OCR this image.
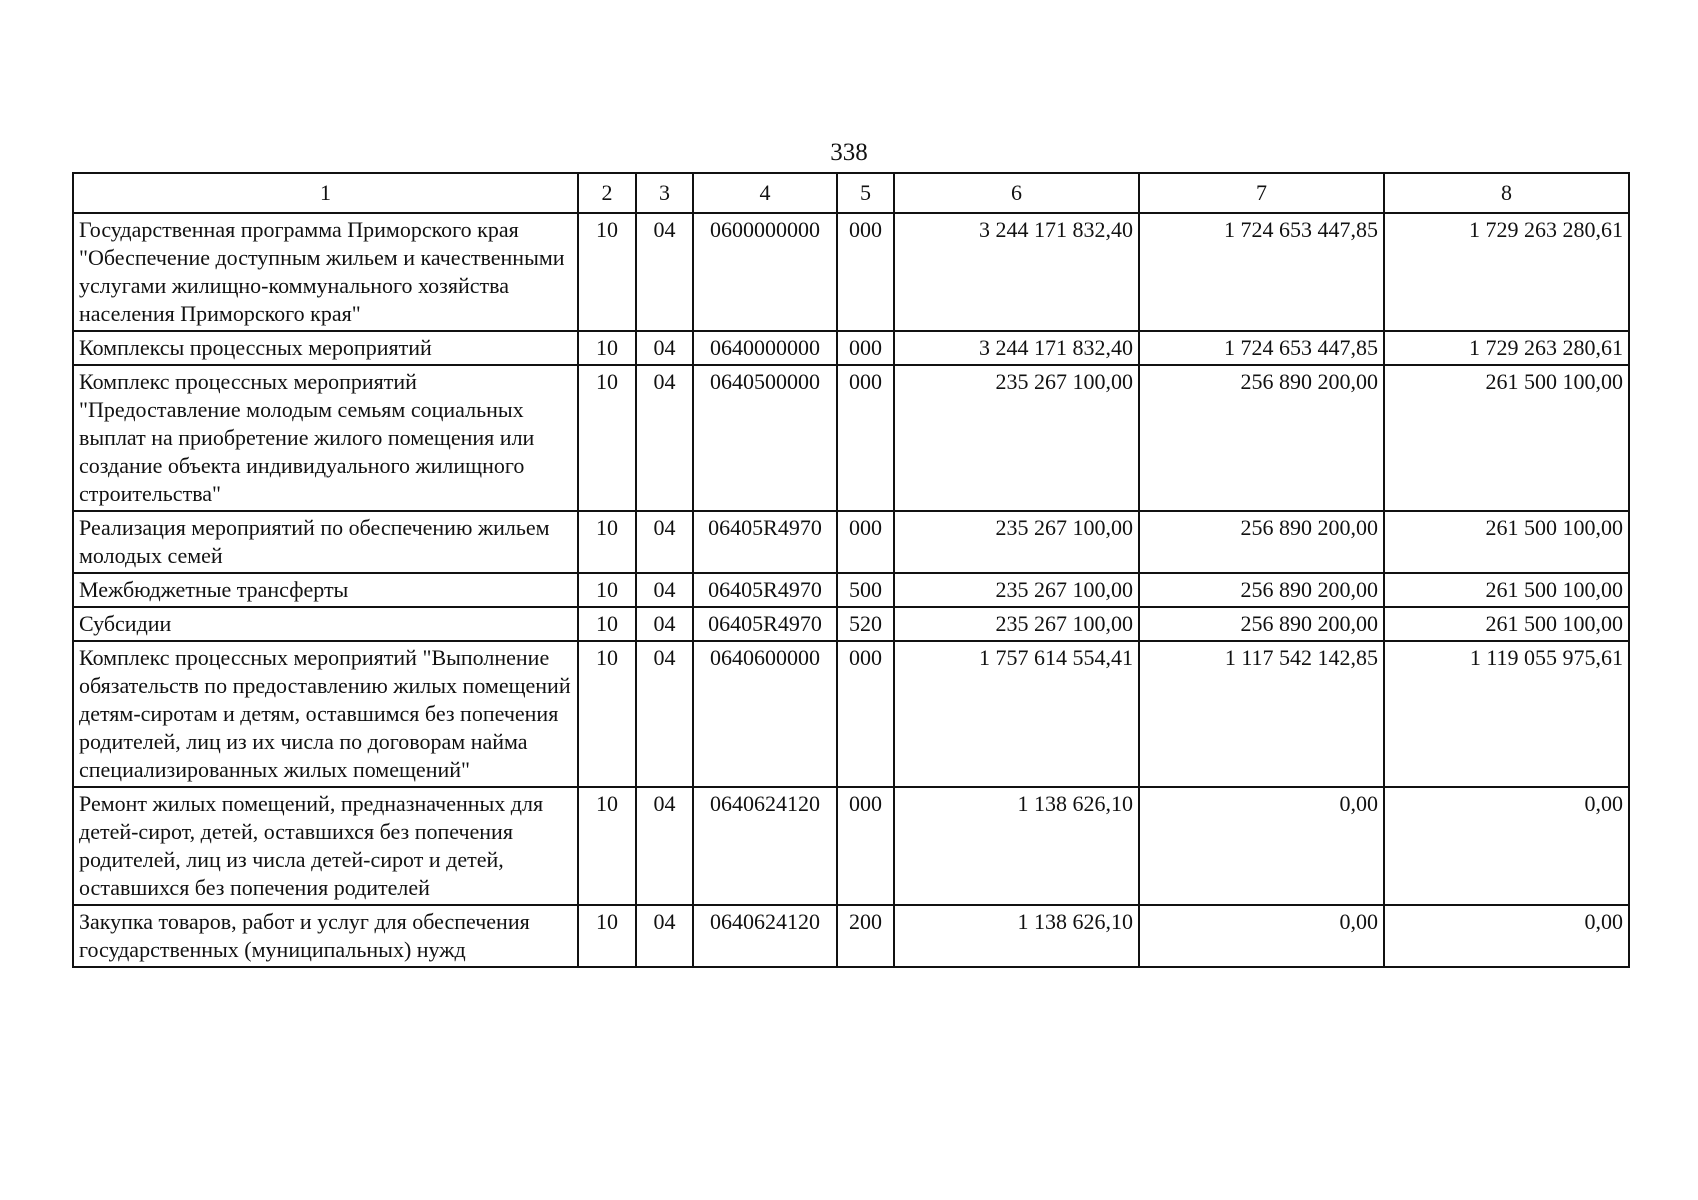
338
1	2	3	4	5	6	7	8
Государственная программа Приморского края "Обеспечение доступным жильем и качественными услугами жилищно-коммунального хозяйства населения Приморского края"	10	04	0600000000	000	3 244 171 832,40	1 724 653 447,85	1 729 263 280,61
Комплексы процессных мероприятий	10	04	0640000000	000	3 244 171 832,40	1 724 653 447,85	1 729 263 280,61
Комплекс процессных мероприятий "Предоставление молодым семьям социальных выплат на приобретение жилого помещения или создание объекта индивидуального жилищного строительства"	10	04	0640500000	000	235 267 100,00	256 890 200,00	261 500 100,00
Реализация мероприятий по обеспечению жильем молодых семей	10	04	06405R4970	000	235 267 100,00	256 890 200,00	261 500 100,00
Межбюджетные трансферты	10	04	06405R4970	500	235 267 100,00	256 890 200,00	261 500 100,00
Субсидии	10	04	06405R4970	520	235 267 100,00	256 890 200,00	261 500 100,00
Комплекс процессных мероприятий "Выполнение обязательств по предоставлению жилых помещений детям-сиротам и детям, оставшимся без попечения родителей, лиц из их числа по договорам найма специализированных жилых помещений"	10	04	0640600000	000	1 757 614 554,41	1 117 542 142,85	1 119 055 975,61
Ремонт жилых помещений, предназначенных для детей-сирот, детей, оставшихся без попечения родителей, лиц из числа детей-сирот и детей, оставшихся без попечения родителей	10	04	0640624120	000	1 138 626,10	0,00	0,00
Закупка товаров, работ и услуг для обеспечения государственных (муниципальных) нужд	10	04	0640624120	200	1 138 626,10	0,00	0,00
